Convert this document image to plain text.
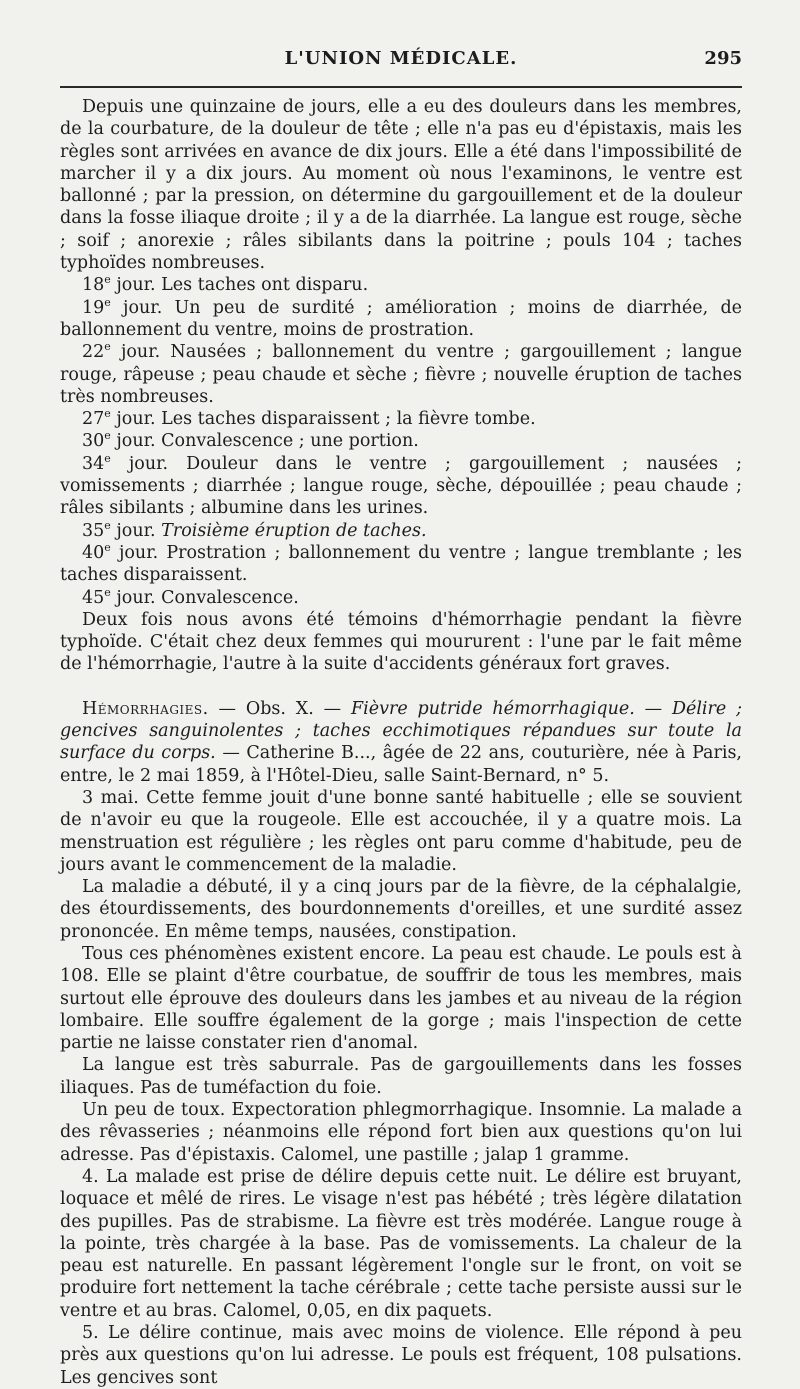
L'UNION MÉDICALE.	295

Depuis une quinzaine de jours, elle a eu des douleurs dans les membres, de la courbature, de la douleur de tête ; elle n'a pas eu d'épistaxis, mais les règles sont arrivées en avance de dix jours. Elle a été dans l'impossibilité de marcher il y a dix jours. Au moment où nous l'examinons, le ventre est ballonné ; par la pression, on détermine du gargouillement et de la douleur dans la fosse iliaque droite ; il y a de la diarrhée. La langue est rouge, sèche ; soif ; anorexie ; râles sibilants dans la poitrine ; pouls 104 ; taches typhoïdes nombreuses.

18e jour. Les taches ont disparu.

19e jour. Un peu de surdité ; amélioration ; moins de diarrhée, de ballonnement du ventre, moins de prostration.

22e jour. Nausées ; ballonnement du ventre ; gargouillement ; langue rouge, râpeuse ; peau chaude et sèche ; fièvre ; nouvelle éruption de taches très nombreuses.

27e jour. Les taches disparaissent ; la fièvre tombe.

30e jour. Convalescence ; une portion.

34e jour. Douleur dans le ventre ; gargouillement ; nausées ; vomissements ; diarrhée ; langue rouge, sèche, dépouillée ; peau chaude ; râles sibilants ; albumine dans les urines.

35e jour. Troisième éruption de taches.

40e jour. Prostration ; ballonnement du ventre ; langue tremblante ; les taches disparaissent.

45e jour. Convalescence.

Deux fois nous avons été témoins d'hémorrhagie pendant la fièvre typhoïde. C'était chez deux femmes qui moururent : l'une par le fait même de l'hémorrhagie, l'autre à la suite d'accidents généraux fort graves.

Hémorrhagies. — Obs. X. — Fièvre putride hémorrhagique. — Délire ; gencives sanguinolentes ; taches ecchimotiques répandues sur toute la surface du corps. — Catherine B..., âgée de 22 ans, couturière, née à Paris, entre, le 2 mai 1859, à l'Hôtel-Dieu, salle Saint-Bernard, n° 5.

3 mai. Cette femme jouit d'une bonne santé habituelle ; elle se souvient de n'avoir eu que la rougeole. Elle est accouchée, il y a quatre mois. La menstruation est régulière ; les règles ont paru comme d'habitude, peu de jours avant le commencement de la maladie.

La maladie a débuté, il y a cinq jours par de la fièvre, de la céphalalgie, des étourdissements, des bourdonnements d'oreilles, et une surdité assez prononcée. En même temps, nausées, constipation.

Tous ces phénomènes existent encore. La peau est chaude. Le pouls est à 108. Elle se plaint d'être courbatue, de souffrir de tous les membres, mais surtout elle éprouve des douleurs dans les jambes et au niveau de la région lombaire. Elle souffre également de la gorge ; mais l'inspection de cette partie ne laisse constater rien d'anomal.

La langue est très saburrale. Pas de gargouillements dans les fosses iliaques. Pas de tuméfaction du foie.

Un peu de toux. Expectoration phlegmorrhagique. Insomnie. La malade a des rêvasseries ; néanmoins elle répond fort bien aux questions qu'on lui adresse. Pas d'épistaxis. Calomel, une pastille ; jalap 1 gramme.

4. La malade est prise de délire depuis cette nuit. Le délire est bruyant, loquace et mêlé de rires. Le visage n'est pas hébété ; très légère dilatation des pupilles. Pas de strabisme. La fièvre est très modérée. Langue rouge à la pointe, très chargée à la base. Pas de vomissements. La chaleur de la peau est naturelle. En passant légèrement l'ongle sur le front, on voit se produire fort nettement la tache cérébrale ; cette tache persiste aussi sur le ventre et au bras. Calomel, 0,05, en dix paquets.

5. Le délire continue, mais avec moins de violence. Elle répond à peu près aux questions qu'on lui adresse. Le pouls est fréquent, 108 pulsations. Les gencives sont
